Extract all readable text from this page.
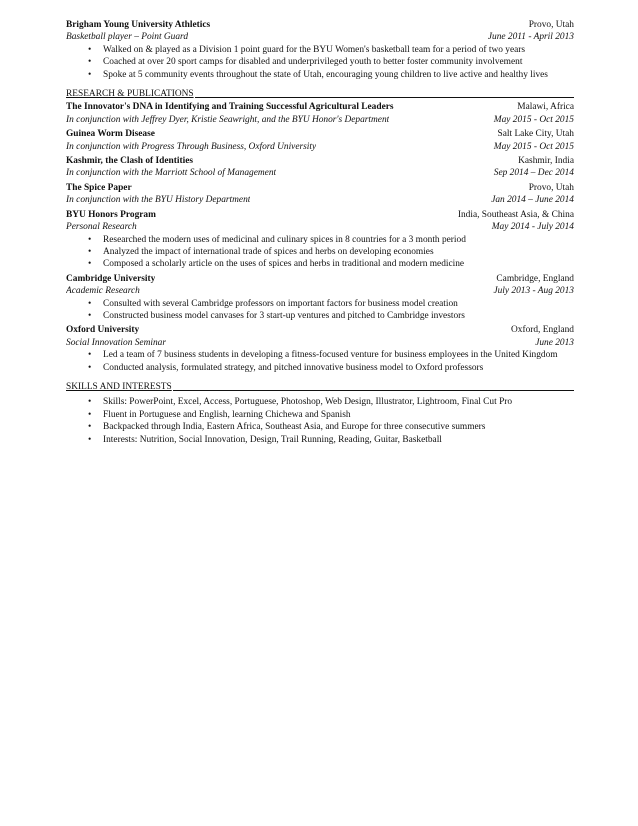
Brigham Young University Athletics	Provo, Utah
Basketball player – Point Guard	June 2011 - April 2013
• Walked on & played as a Division 1 point guard for the BYU Women's basketball team for a period of two years
• Coached at over 20 sport camps for disabled and underprivileged youth to better foster community involvement
• Spoke at 5 community events throughout the state of Utah, encouraging young children to live active and healthy lives
RESEARCH & PUBLICATIONS
The Innovator's DNA in Identifying and Training Successful Agricultural Leaders	Malawi, Africa
In conjunction with Jeffrey Dyer, Kristie Seawright, and the BYU Honor's Department	May 2015 - Oct 2015
Guinea Worm Disease	Salt Lake City, Utah
In conjunction with Progress Through Business, Oxford University	May 2015 - Oct 2015
Kashmir, the Clash of Identities	Kashmir, India
In conjunction with the Marriott School of Management	Sep 2014 – Dec 2014
The Spice Paper	Provo, Utah
In conjunction with the BYU History Department	Jan 2014 – June 2014
BYU Honors Program	India, Southeast Asia, & China
Personal Research	May 2014 - July 2014
• Researched the modern uses of medicinal and culinary spices in 8 countries for a 3 month period
• Analyzed the impact of international trade of spices and herbs on developing economies
• Composed a scholarly article on the uses of spices and herbs in traditional and modern medicine
Cambridge University	Cambridge, England
Academic Research	July 2013 - Aug 2013
• Consulted with several Cambridge professors on important factors for business model creation
• Constructed business model canvases for 3 start-up ventures and pitched to Cambridge investors
Oxford University	Oxford, England
Social Innovation Seminar	June 2013
• Led a team of 7 business students in developing a fitness-focused venture for business employees in the United Kingdom
• Conducted analysis, formulated strategy, and pitched innovative business model to Oxford professors
SKILLS AND INTERESTS
• Skills: PowerPoint, Excel, Access, Portuguese, Photoshop, Web Design, Illustrator, Lightroom, Final Cut Pro
• Fluent in Portuguese and English, learning Chichewa and Spanish
• Backpacked through India, Eastern Africa, Southeast Asia, and Europe for three consecutive summers
• Interests: Nutrition, Social Innovation, Design, Trail Running, Reading, Guitar, Basketball
